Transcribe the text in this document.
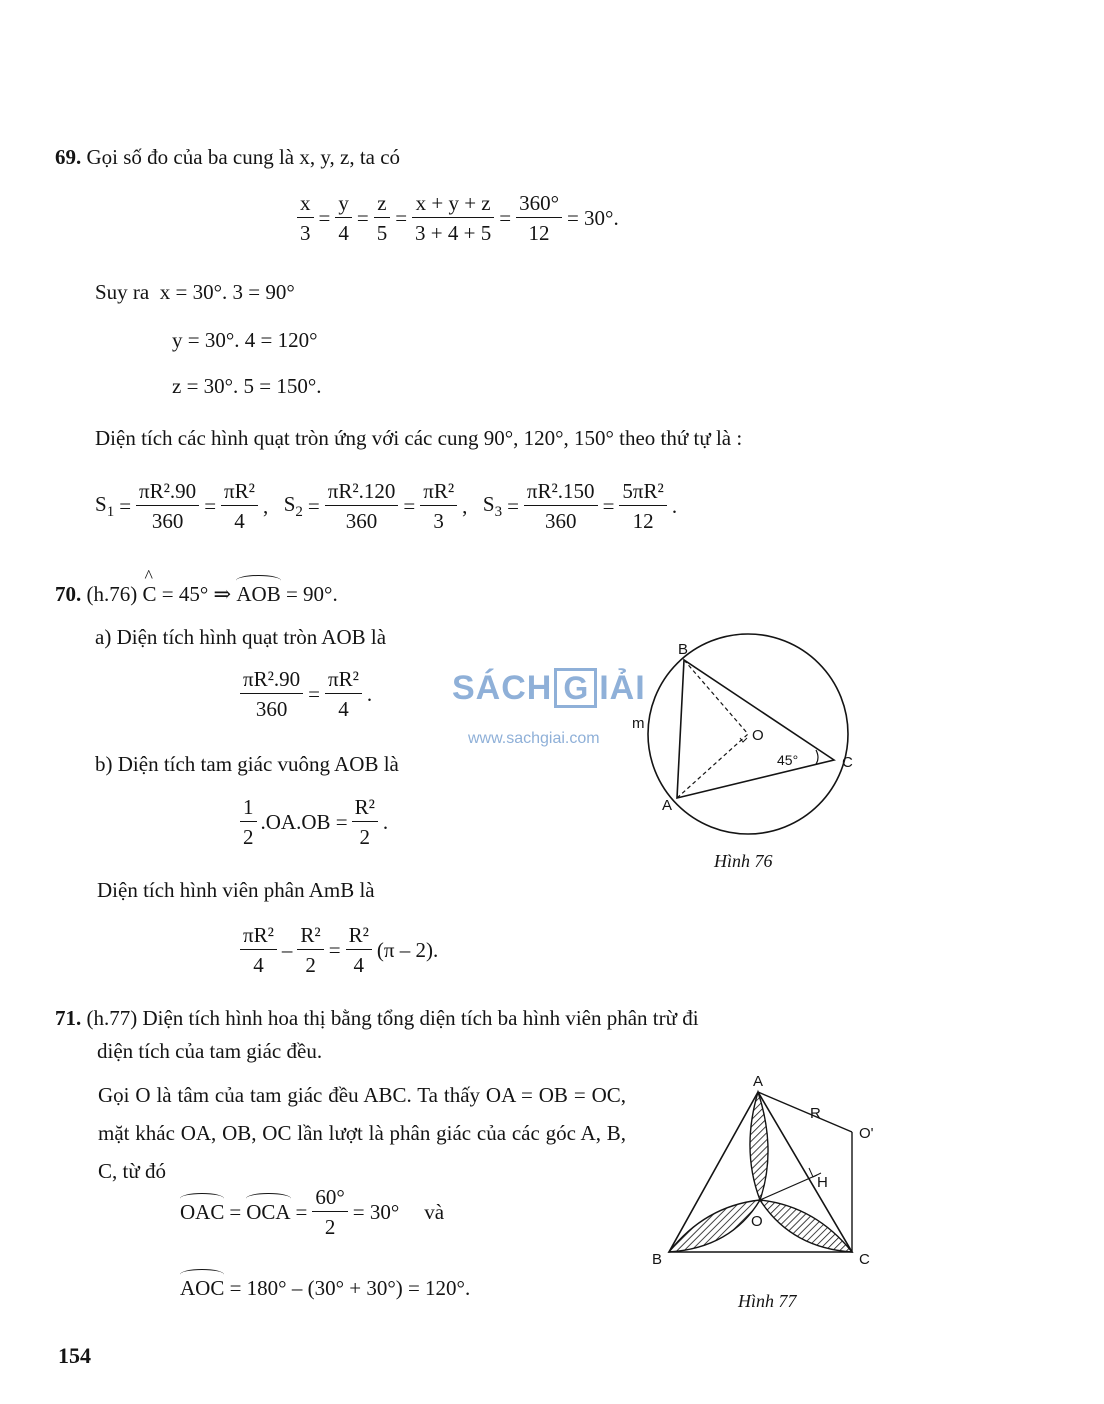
69. Gọi số đo của ba cung là x, y, z, ta có
$\frac{x}{3} = \frac{y}{4} = \frac{z}{5} = \frac{x + y + z}{3 + 4 + 5} = \frac{360^\circ}{12} = 30^\circ$.
Suy ra x = 30°. 3 = 90°
y = 30°. 4 = 120°
z = 30°. 5 = 150°.
Diện tích các hình quạt tròn ứng với các cung 90°, 120°, 150° theo thứ tự là :
$S_1 = \frac{\text{πR².90}}{360} = \frac{\text{πR²}}{4}$ , $S_2 = \frac{\text{πR².120}}{360} = \frac{\text{πR²}}{3}$ , $S_3 = \frac{\text{πR².150}}{360} = \frac{\text{5πR²}}{12}$ .
70. (h.76) ^ C = 45° ⇒ AOB = 90°.
a) Diện tích hình quạt tròn AOB là
$\frac{\text{πR².90}}{360} = \frac{\text{πR²}}{4}$ .
b) Diện tích tam giác vuông AOB là
$\frac{1}{2} .OA.OB = \frac{\text{R²}}{2}$ .
Diện tích hình viên phân AmB là
$\frac{\text{πR²}}{4} - \frac{\text{R²}}{2} = \frac{\text{R²}}{4} (\pi - 2)$.
SÁCH G IẢI
www.sachgiai.com
B
A
C
O
m
45°
Hình 76
71. (h.77) Diện tích hình hoa thị bằng tổng diện tích ba hình viên phân trừ đi
diện tích của tam giác đều.
Gọi O là tâm của tam giác đều ABC. Ta thấy OA = OB = OC, mặt khác OA, OB, OC lần lượt là phân giác của các góc A, B, C, từ đó
OAC = OCA = $\frac{60^\circ}{2} = 30^\circ$	và
AOC = 180° – (30° + 30°) = 120°.
A
B	C
O
R
H
O'
Hình 77
154
